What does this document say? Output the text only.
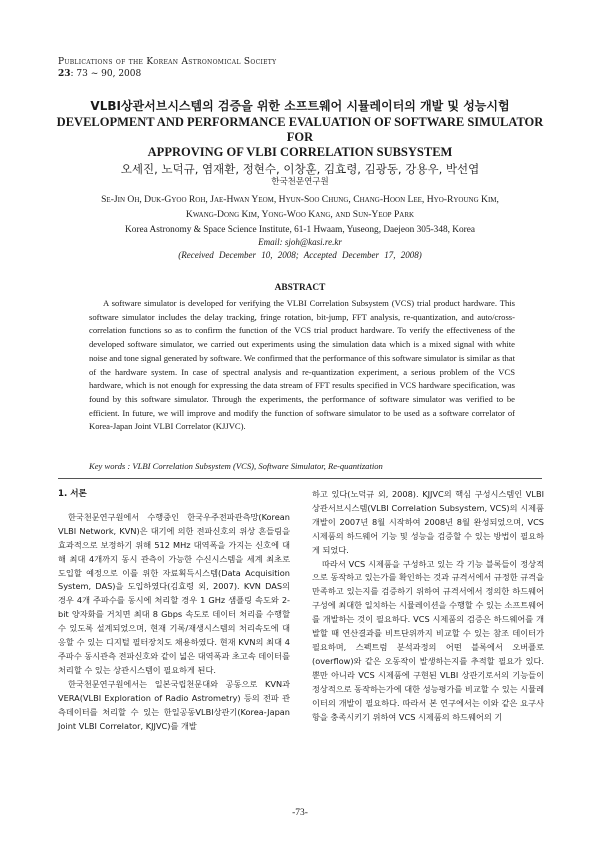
Publications of the Korean Astronomical Society
23: 73 ~ 90, 2008
VLBI상관서브시스템의 검증을 위한 소프트웨어 시뮬레이터의 개발 및 성능시험
DEVELOPMENT AND PERFORMANCE EVALUATION OF SOFTWARE SIMULATOR FOR
APPROVING OF VLBI CORRELATION SUBSYSTEM
오세진, 노덕규, 염재환, 정현수, 이창훈, 김효령, 김광동, 강용우, 박선엽
한국천문연구원
Se-Jin Oh, Duk-Gyoo Roh, Jae-Hwan Yeom, Hyun-Soo Chung, Chang-Hoon Lee, Hyo-Ryoung Kim,
Kwang-Dong Kim, Yong-Woo Kang, and Sun-Yeop Park
Korea Astronomy & Space Science Institute, 61-1 Hwaam, Yuseong, Daejeon 305-348, Korea
Email: sjoh@kasi.re.kr
(Received December 10, 2008; Accepted December 17, 2008)
ABSTRACT

A software simulator is developed for verifying the VLBI Correlation Subsystem (VCS) trial product hardware. This software simulator includes the delay tracking, fringe rotation, bit-jump, FFT analysis, re-quantization, and auto/cross-correlation functions so as to confirm the function of the VCS trial product hardware. To verify the effectiveness of the developed software simulator, we carried out experiments using the simulation data which is a mixed signal with white noise and tone signal generated by software. We confirmed that the performance of this software simulator is similar as that of the hardware system. In case of spectral analysis and re-quantization experiment, a serious problem of the VCS hardware, which is not enough for expressing the data stream of FFT results specified in VCS hardware specification, was found by this software simulator. Through the experiments, the performance of software simulator was verified to be efficient. In future, we will improve and modify the function of software simulator to be used as a software correlator of Korea-Japan Joint VLBI Correlator (KJJVC).

Key words : VLBI Correlation Subsystem (VCS), Software Simulator, Re-quantization

1. 서론

한국천문연구원에서 수행중인 한국우주전파관측망(Korean VLBI Network, KVN)은 대기에 의한 전파신호의 위상 흔들림을 효과적으로 보정하기 위해 512 MHz 대역폭을 가지는 신호에 대해 최대 4개까지 동시 관측이 가능한 수신시스템을 세계 최초로 도입할 예정으로 이를 위한 자료획득시스템(Data Acquisition System, DAS)을 도입하였다(김효령 외, 2007). KVN DAS의 경우 4개 주파수를 동시에 처리할 경우 1 GHz 샘플링 속도와 2-bit 양자화를 거치면 최대 8 Gbps 속도로 데이터 처리를 수행할 수 있도록 설계되었으며, 현재 기록/재생시스템의 처리속도에 대응할 수 있는 디지털 필터장치도 채용하였다. 현재 KVN의 최대 4주파수 동시관측 전파신호와 같이 넓은 대역폭과 초고속 데이터를 처리할 수 있는 상관시스템이 필요하게 된다.

한국천문연구원에서는 일본국립천문대와 공동으로 KVN과 VERA(VLBI Exploration of Radio Astrometry) 등의 전파 관측데이터를 처리할 수 있는 한일공동VLBI상관기(Korea-Japan Joint VLBI Correlator, KJJVC)를 개발

하고 있다(노덕규 외, 2008). KJJVC의 핵심 구성시스템인 VLBI상관서브시스템(VLBI Correlation Subsystem, VCS)의 시제품 개발이 2007년 8월 시작하여 2008년 8월 완성되었으며, VCS 시제품의 하드웨어 기능 및 성능을 검증할 수 있는 방법이 필요하게 되었다.

따라서 VCS 시제품을 구성하고 있는 각 기능 블록들이 정상적으로 동작하고 있는가를 확인하는 것과 규격서에서 규정한 규격을 만족하고 있는지를 검증하기 위하여 규격서에서 정의한 하드웨어 구성에 최대한 일치하는 시뮬레이션을 수행할 수 있는 소프트웨어를 개발하는 것이 필요하다. VCS 시제품의 검증은 하드웨어를 개발할 때 연산결과를 비트단위까지 비교할 수 있는 참조 데이터가 필요하며, 스펙트럼 분석과정의 어떤 블록에서 오버플로(overflow)와 같은 오동작이 발생하는지를 추적할 필요가 있다. 뿐만 아니라 VCS 시제품에 구현된 VLBI 상관기로서의 기능들이 정상적으로 동작하는가에 대한 성능평가를 비교할 수 있는 시뮬레이터의 개발이 필요하다. 따라서 본 연구에서는 이와 같은 요구사항을 충족시키기 위하여 VCS 시제품의 하드웨어의 기

-73-
